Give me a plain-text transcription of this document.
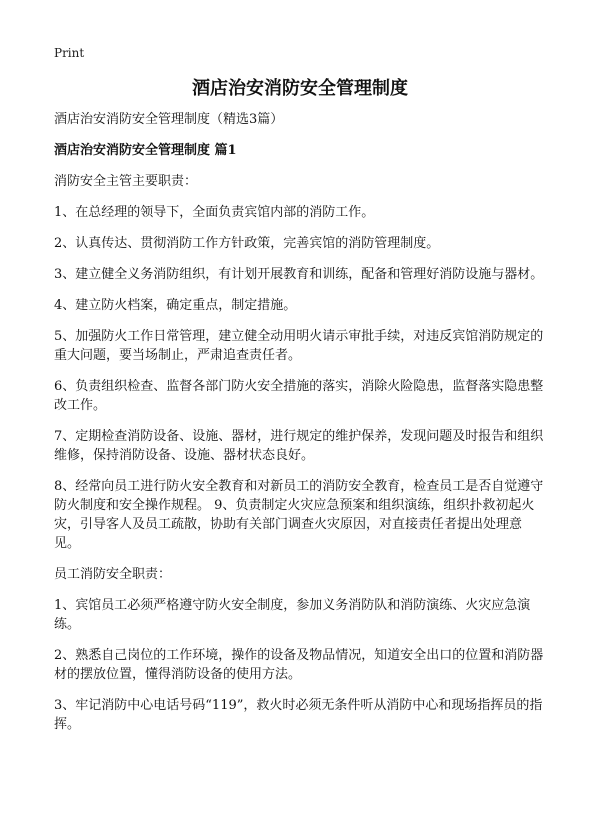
Print
酒店治安消防安全管理制度
酒店治安消防安全管理制度（精选3篇）
酒店治安消防安全管理制度 篇1
消防安全主管主要职责：
1、在总经理的领导下，全面负责宾馆内部的消防工作。
2、认真传达、贯彻消防工作方针政策，完善宾馆的消防管理制度。
3、建立健全义务消防组织，有计划开展教育和训练，配备和管理好消防设施与器材。
4、建立防火档案，确定重点，制定措施。
5、加强防火工作日常管理，建立健全动用明火请示审批手续，对违反宾馆消防规定的重大问题，要当场制止，严肃追查责任者。
6、负责组织检查、监督各部门防火安全措施的落实，消除火险隐患，监督落实隐患整改工作。
7、定期检查消防设备、设施、器材，进行规定的维护保养，发现问题及时报告和组织维修，保持消防设备、设施、器材状态良好。
8、经常向员工进行防火安全教育和对新员工的消防安全教育，检查员工是否自觉遵守防火制度和安全操作规程。 9、负责制定火灾应急预案和组织演练，组织扑救初起火灾，引导客人及员工疏散，协助有关部门调查火灾原因，对直接责任者提出处理意见。
员工消防安全职责：
1、宾馆员工必须严格遵守防火安全制度，参加义务消防队和消防演练、火灾应急演练。
2、熟悉自己岗位的工作环境，操作的设备及物品情况，知道安全出口的位置和消防器材的摆放位置，懂得消防设备的使用方法。
3、牢记消防中心电话号码“119”，救火时必须无条件听从消防中心和现场指挥员的指挥。
